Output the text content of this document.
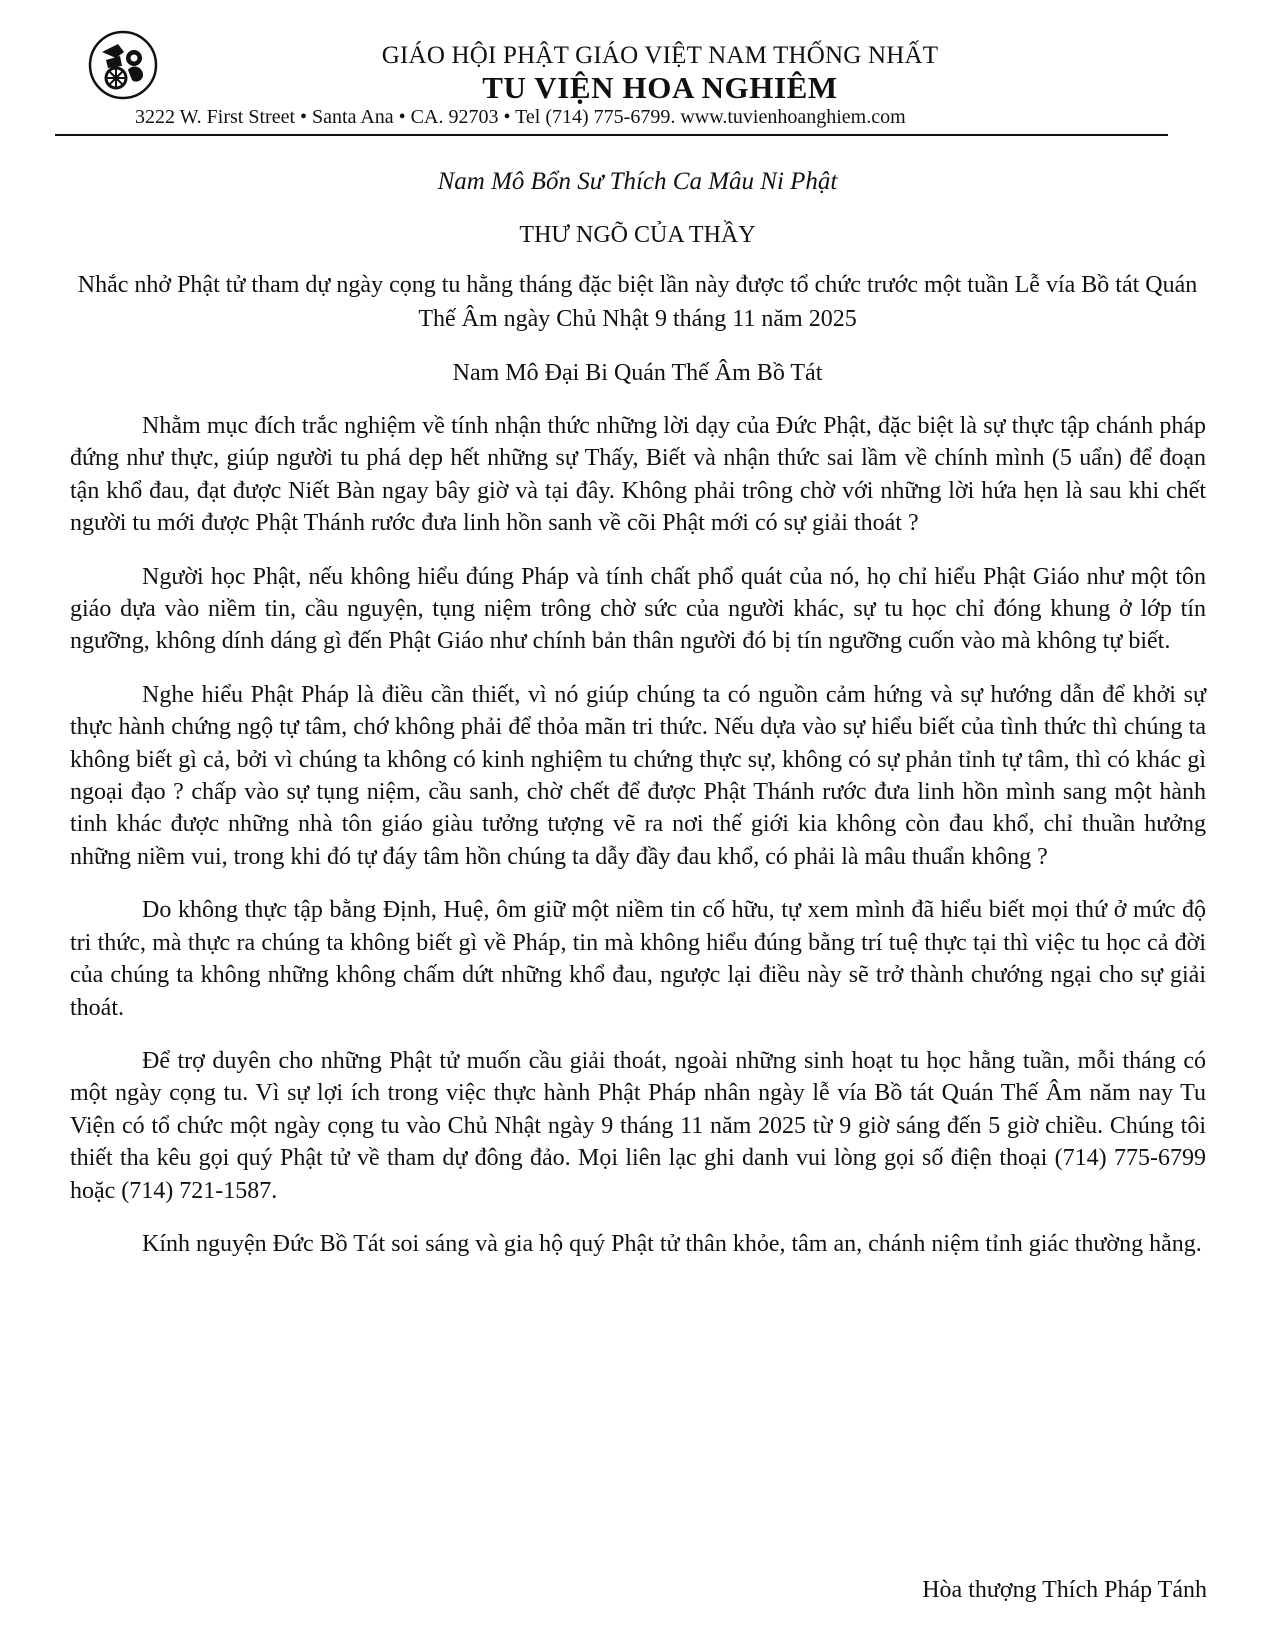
GIÁO HỘI PHẬT GIÁO VIỆT NAM THỐNG NHẤT
TU VIỆN HOA NGHIÊM
3222 W. First Street • Santa Ana • CA. 92703 • Tel (714) 775-6799. www.tuvienhoanghiem.com
Nam Mô Bổn Sư Thích Ca Mâu Ni Phật
THƯ NGÕ CỦA THẦY
Nhắc nhở Phật tử tham dự ngày cọng tu hằng tháng đặc biệt lần này được tổ chức trước một tuần Lễ vía Bồ tát Quán Thế Âm ngày Chủ Nhật 9 tháng 11 năm 2025
Nam Mô Đại Bi Quán Thế Âm Bồ Tát

Nhằm mục đích trắc nghiệm về tính nhận thức những lời dạy của Đức Phật, đặc biệt là sự thực tập chánh pháp đứng như thực, giúp người tu phá dẹp hết những sự Thấy, Biết và nhận thức sai lầm về chính mình (5 uẩn) để đoạn tận khổ đau, đạt được Niết Bàn ngay bây giờ và tại đây. Không phải trông chờ với những lời hứa hẹn là sau khi chết người tu mới được Phật Thánh rước đưa linh hồn sanh về cõi Phật mới có sự giải thoát ?

Người học Phật, nếu không hiểu đúng Pháp và tính chất phổ quát của nó, họ chỉ hiểu Phật Giáo như một tôn giáo dựa vào niềm tin, cầu nguyện, tụng niệm trông chờ sức của người khác, sự tu học chỉ đóng khung ở lớp tín ngưỡng, không dính dáng gì đến Phật Giáo như chính bản thân người đó bị tín ngưỡng cuốn vào mà không tự biết.

Nghe hiểu Phật Pháp là điều cần thiết, vì nó giúp chúng ta có nguồn cảm hứng và sự hướng dẫn để khởi sự thực hành chứng ngộ tự tâm, chớ không phải để thỏa mãn tri thức. Nếu dựa vào sự hiểu biết của tình thức thì chúng ta không biết gì cả, bởi vì chúng ta không có kinh nghiệm tu chứng thực sự, không có sự phản tỉnh tự tâm, thì có khác gì ngoại đạo ? chấp vào sự tụng niệm, cầu sanh, chờ chết để được Phật Thánh rước đưa linh hồn mình sang một hành tinh khác được những nhà tôn giáo giàu tưởng tượng vẽ ra nơi thế giới kia không còn đau khổ, chỉ thuần hưởng những niềm vui, trong khi đó tự đáy tâm hồn chúng ta dẫy đầy đau khổ, có phải là mâu thuẩn không ?

Do không thực tập bằng Định, Huệ, ôm giữ một niềm tin cố hữu, tự xem mình đã hiểu biết mọi thứ ở mức độ tri thức, mà thực ra chúng ta không biết gì về Pháp, tin mà không hiểu đúng bằng trí tuệ thực tại thì việc tu học cả đời của chúng ta không những không chấm dứt những khổ đau, ngược lại điều này sẽ trở thành chướng ngại cho sự giải thoát.

Để trợ duyên cho những Phật tử muốn cầu giải thoát, ngoài những sinh hoạt tu học hằng tuần, mỗi tháng có một ngày cọng tu. Vì sự lợi ích trong việc thực hành Phật Pháp nhân ngày lễ vía Bồ tát Quán Thế Âm năm nay Tu Viện có tổ chức một ngày cọng tu vào Chủ Nhật ngày 9 tháng 11 năm 2025 từ 9 giờ sáng đến 5 giờ chiều. Chúng tôi thiết tha kêu gọi quý Phật tử về tham dự đông đảo. Mọi liên lạc ghi danh vui lòng gọi số điện thoại (714) 775-6799 hoặc (714) 721-1587.

Kính nguyện Đức Bồ Tát soi sáng và gia hộ quý Phật tử thân khỏe, tâm an, chánh niệm tỉnh giác thường hằng.

Hòa thượng Thích Pháp Tánh
